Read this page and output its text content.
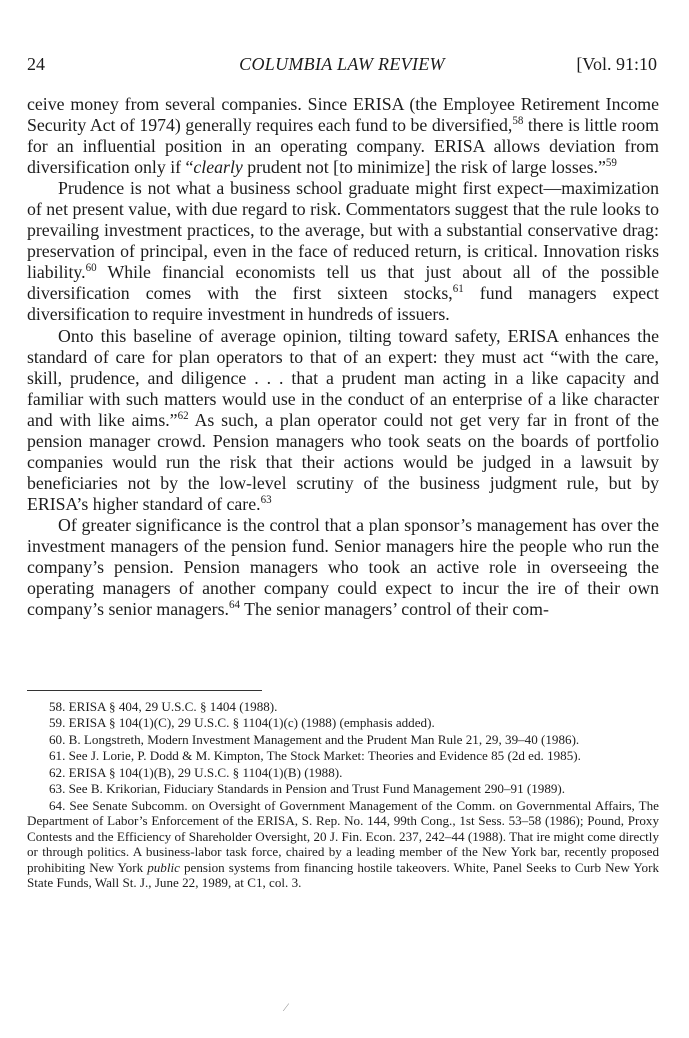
24	COLUMBIA LAW REVIEW	[Vol. 91:10

ceive money from several companies. Since ERISA (the Employee Retirement Income Security Act of 1974) generally requires each fund to be diversified,$^{58}$ there is little room for an influential position in an operating company. ERISA allows deviation from diversification only if “clearly prudent not [to minimize] the risk of large losses.”$^{59}$

Prudence is not what a business school graduate might first expect—maximization of net present value, with due regard to risk. Commentators suggest that the rule looks to prevailing investment practices, to the average, but with a substantial conservative drag: preservation of principal, even in the face of reduced return, is critical. Innovation risks liability.$^{60}$ While financial economists tell us that just about all of the possible diversification comes with the first sixteen stocks,$^{61}$ fund managers expect diversification to require investment in hundreds of issuers.

Onto this baseline of average opinion, tilting toward safety, ERISA enhances the standard of care for plan operators to that of an expert: they must act “with the care, skill, prudence, and diligence . . . that a prudent man acting in a like capacity and familiar with such matters would use in the conduct of an enterprise of a like character and with like aims.”$^{62}$ As such, a plan operator could not get very far in front of the pension manager crowd. Pension managers who took seats on the boards of portfolio companies would run the risk that their actions would be judged in a lawsuit by beneficiaries not by the low-level scrutiny of the business judgment rule, but by ERISA’s higher standard of care.$^{63}$

Of greater significance is the control that a plan sponsor’s management has over the investment managers of the pension fund. Senior managers hire the people who run the company’s pension. Pension managers who took an active role in overseeing the operating managers of another company could expect to incur the ire of their own company’s senior managers.$^{64}$ The senior managers’ control of their com-

58. ERISA § 404, 29 U.S.C. § 1404 (1988).

59. ERISA § 104(1)(C), 29 U.S.C. § 1104(1)(c) (1988) (emphasis added).

60. B. Longstreth, Modern Investment Management and the Prudent Man Rule 21, 29, 39–40 (1986).

61. See J. Lorie, P. Dodd & M. Kimpton, The Stock Market: Theories and Evidence 85 (2d ed. 1985).

62. ERISA § 104(1)(B), 29 U.S.C. § 1104(1)(B) (1988).

63. See B. Krikorian, Fiduciary Standards in Pension and Trust Fund Management 290–91 (1989).

64. See Senate Subcomm. on Oversight of Government Management of the Comm. on Governmental Affairs, The Department of Labor’s Enforcement of the ERISA, S. Rep. No. 144, 99th Cong., 1st Sess. 53–58 (1986); Pound, Proxy Contests and the Efficiency of Shareholder Oversight, 20 J. Fin. Econ. 237, 242–44 (1988). That ire might come directly or through politics. A business-labor task force, chaired by a leading member of the New York bar, recently proposed prohibiting New York public pension systems from financing hostile takeovers. White, Panel Seeks to Curb New York State Funds, Wall St. J., June 22, 1989, at C1, col. 3.

⁄
